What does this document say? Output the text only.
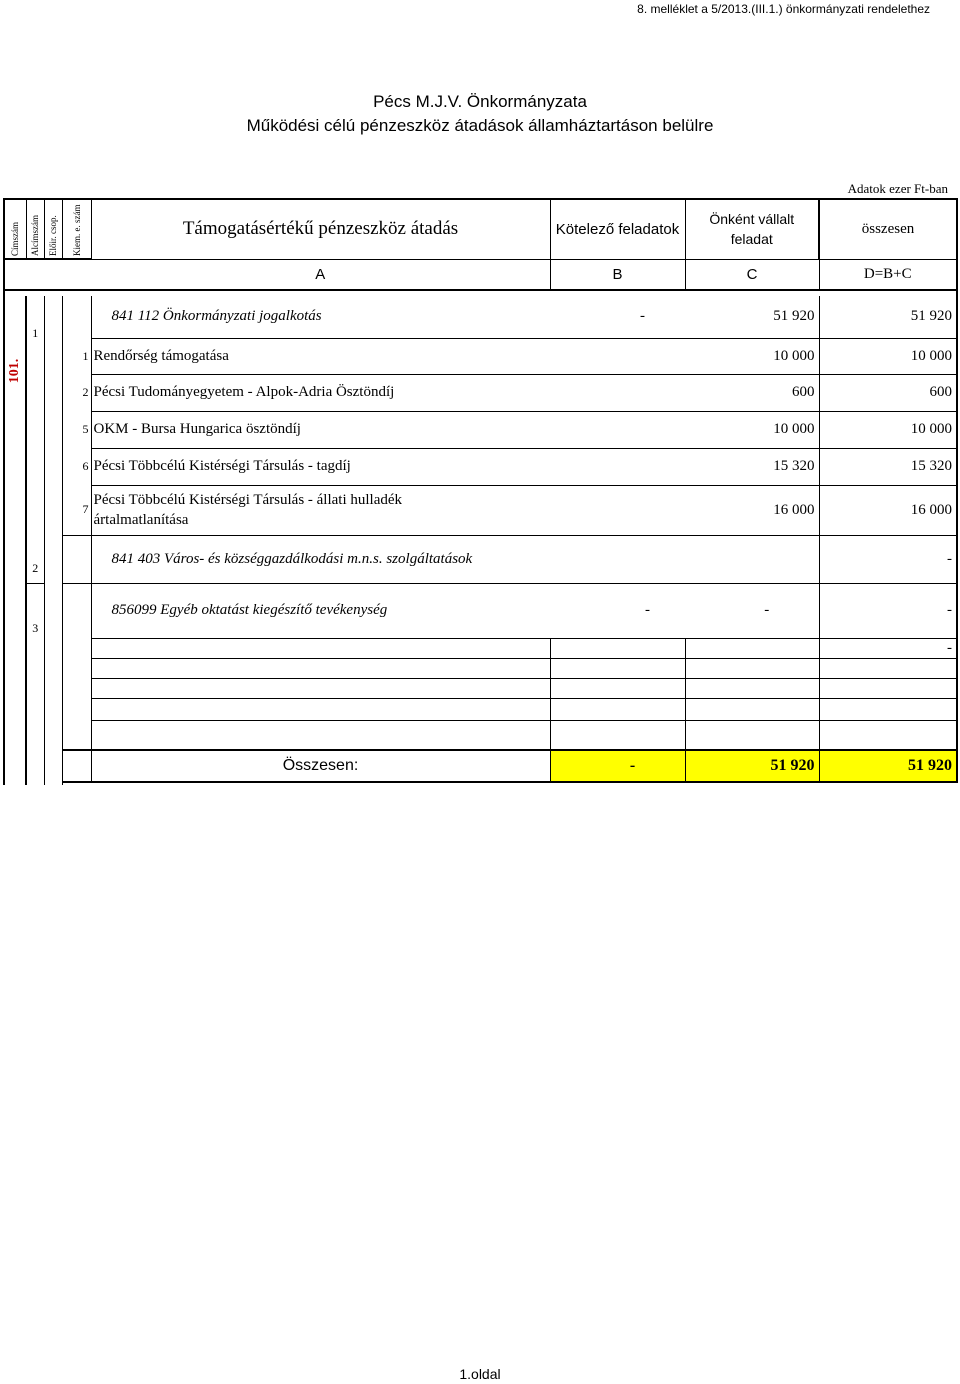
8. melléklet a 5/2013.(III.1.) önkormányzati rendelethez
Pécs M.J.V. Önkormányzata
Működési célú pénzeszköz átadások államháztartáson belülre
Adatok ezer Ft-ban
Címszám	Alcímszám	Előir. csop.	Kiem. e. szám	Támogatásértékű pénzeszköz átadás	Kötelező feladatok	Önként vállalt
feladat	összesen
				A	B	C	D=B+C

101.	1			841 112 Önkormányzati jogalkotás	-	51 920	51 920
			1	Rendőrség támogatása		10 000	10 000
			2	Pécsi Tudományegyetem - Alpok-Adria Ösztöndíj		600	600
			5	OKM - Bursa Hungarica ösztöndíj		10 000	10 000
			6	Pécsi Többcélú Kistérségi Társulás - tagdíj		15 320	15 320
			7	Pécsi Többcélú Kistérségi Társulás - állati hulladék
ártalmatlanítása		16 000	16 000
	2			841 403 Város- és községgazdálkodási m.n.s. szolgáltatások			-
	3			856099 Egyéb oktatást kiegészítő tevékenység	-	-	-
							-

				Összesen:	-	51 920	51 920

1.oldal
